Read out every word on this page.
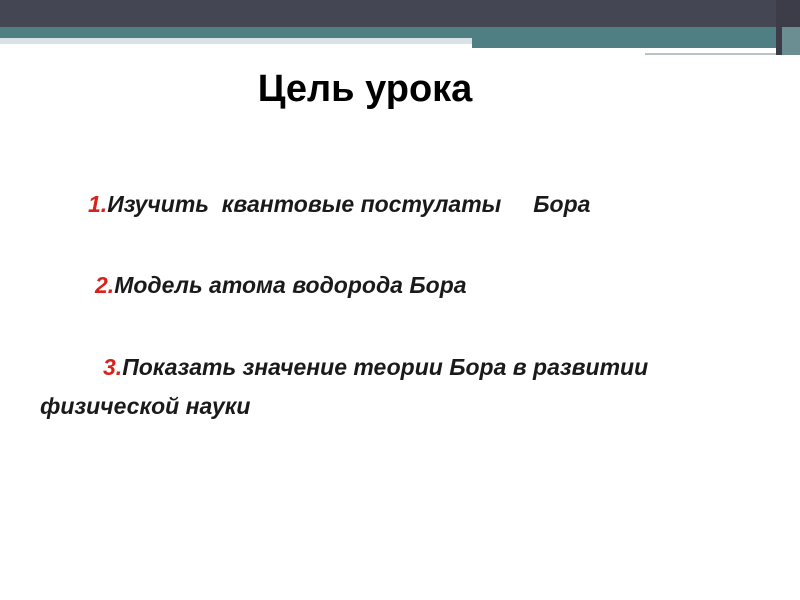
Цель урока
1.Изучить  квантовые постулаты     Бора
2.Модель атома водорода Бора
3.Показать значение теории Бора в развитии физической науки
